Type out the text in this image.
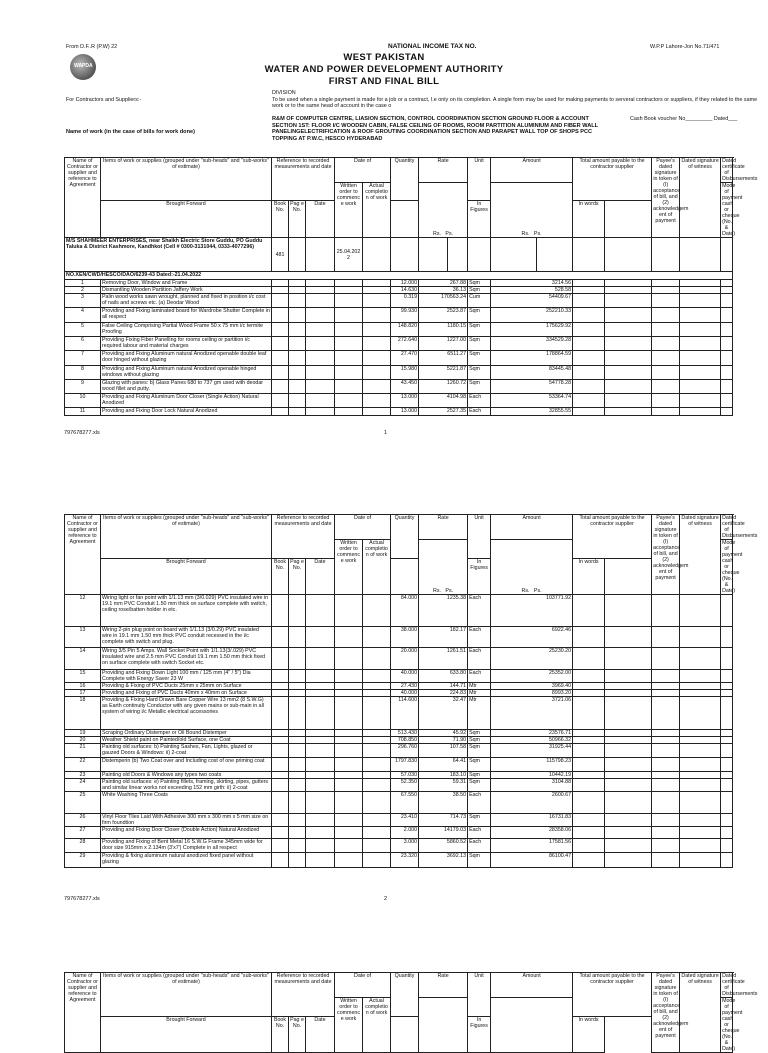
From D.F..R (P.W) 22	NATIONAL INCOME TAX NO.	W.P.P Lahore-Jon No.71/471
WAPDA
WEST PAKISTAN
WATER AND POWER DEVELOPMENT AUTHORITY
FIRST AND FINAL BILL
DIVISION
For Contractors and Suppliers:-	To be used when a single payment is made for a job or a contract, I.e only on its completion. A single form may be used for making payments to serveral contractors or suppliers, if they related to the same work or to the same head of account in the case o
Name of work (in the case of bills for work done)
R&M OF COMPUTER CENTRE, LIASION SECTION, CONTROL COORDINATION SECTION GROUND FLOOR & ACCOUNT SECTION 1ST: FLOOR I/C WOODEN CABIN, FALSE CEILING OF ROOMS, ROOM PARTITION ALUMINIUM AND FIBER WALL PANELINGELECTRIFICATION & ROOF GROUTING COORDINATION SECTION AND PARAPET WALL TOP OF SHOPS PCC TOPPING AT P.W.C, HESCO HYDERABAD
Cash Book voucher No_________ Dated___
Name of Contractor or supplier and reference to Agreement	Items of work or supplies (grouped under "sub-heads" and "sub-works" of estimate)	Reference to recorded measurements and date			Date of		Quantity	Rate		Unit	Amount		Total amount payable to the contractor supplier		Payee's dated signature in token of (I) acceptance of bill, and (2) acknowledgem ent of payment	Dated signature of witness	Dated certificate of Disbursements	
					Written order to commenc e work	Actual completio n of work		Rs. Ps.			Rs. Ps.						Mode of payment cash or cheque (No. & Date)	
	Brought Forward	Book No.	Pag e No.	Date						In Figures			In words					
M/S SHAHMEER ENTERPRISES, near Shaikh Electric Store Guddu, PO Guddu Taluka & District Kashmore, Kandhkot (Cell # 0300-3131044, 0333-4077296)		481			25.04.202 2													
NO.XEN/CWD/HESCO/DAO/6239-43 Dated:-21.04.2022																		
1	Removing Door, Window and Frame						12.000	267.88		Sqm	3214.56							
2	Dismantling Wooden Partition Jaffery Work						14.630	36.13		Sqm	528.58							
3	Palin wood works sawn wrought, planned and fixed in position i/c cost of nails and screws etc. (a) Deodar Wood						0.319	170563.24		Cum	54409.67							
4	Providing and Fixing laminated board for Wardrobe Shutter Complete in all respect						99.930	2523.87		Sqm	252210.33							
5	False Ceiling Comprising Partial Wood Frame 50 x 75 mm i/c termite Proofing						148.820	1180.15		Sqm	175629.92							
6	Providing Fixing Fiber Panelling for rooms ceiling or partition i/c required labour and material charges						272.640	1227.00		Sqm	334529.28							
7	Providing and Fixing Aluminum natural Anodized openable double leaf door hinged without glazing						27.470	6511.27		Sqm	178864.59							
8	Providing and Fixing Aluminum natural Anodized openable hinged windows without glazing						15.980	5221.87		Sqm	83445.48							
9	Glazing with panes: b) Glass Panes 680 to 737 gm used with deodar wood fillet and putty.						43.450	1260.72		Sqm	54778.28							
10	Providing and Fixing Aluminum Door Closer (Single Action) Natural Anodized						13.000	4104.98		Each	53364.74							
11	Providing and Fixing Door Lock Natural Anodized						13.000	2527.35		Each	32855.55							
797678277.xls	1
Name of Contractor or supplier and reference to Agreement	Items of work or supplies (grouped under "sub-heads" and "sub-works" of estimate)	Reference to recorded measurements and date			Date of		Quantity	Rate	Unit	Amount	Total amount payable to the contractor supplier		Payee's dated signature in token of (I) acceptance of bill, and (2) acknowledgem ent of payment	Dated signature of witness	Dated certificate of Disbursements	
					Written order to commenc e work	Actual completio n of work		Rs. Ps.		Rs. Ps.					Mode of payment cash or cheque (No. & Date)	
	Brought Forward	Book No.	Pag e No.	Date					In Figures		In words					
12	Wiring light or fan point with 1/1.13 mm (3/0.029) PVC insulated wire in 19.1 mm PVC Conduit 1.50 mm thick on surface complete with switch, ceiling rose/batten holder in etc.						84.000	1235.38	Each	103771.92						
13	Wiring 2-pin plug point on board with 1/1.13 (3/0.29) PVC insulated wire in 19.1 mm 1.50 mm thick PVC conduit recessed in the i/c complete with switch and plug.						38.000	182.17	Each	6922.46						
14	Wiring 3/5 Pin 5 Amps. Wall Socket Point with 1/1.13(3/.029) PVC insulated wire and 2.5 mm PVC Conduit 19.1 mm 1.50 mm thick fixed on surface complete with switch Socket etc.						20.000	1261.51	Each	25230.20						
15	Providing and Fixing Down Light 100 mm / 125 mm (4" / 5") Dia Complete with Energy Saver 23 W						40.000	633.80	Each	25352.00						
16	Providing & Fixing of PVC Ducts 25mm x 25mm on Surface						27.430	144.71	Mtr	3969.40						
17	Providing and Fixing of PVC Ducts 40mm x 40mm on Surface						40.000	224.83	Mtr	8993.20						
18	Providing & Fixing Hard Drawn Bare Copper Wire 13 mm2 (8 S.W.G) as Earth continuity Conductor with any given mains or sub-main in all system of wiring i/c Metallic electrical accessories						114.600	32.47	Mtr	3721.06						
19	Scraping Ordinary Distemper or Oil Bound Distemper						513.430	45.92	Sqm	23576.71						
20	Weather Shield paint on Painted/old Surface, one Coat						708.850	71.90	Sqm	50966.32						
21	Painting old surfaces: b) Painting Sashes, Fan, Lights, glazed or gauzed Doors & Windows: ii) 2-coat						296.760	107.58	Sqm	31925.44						
22	Distemperin (b) Two Coat over and Including cost of one priming coat						1797.830	64.41	Sqm	115798.23						
23	Painting old Doors & Windows any types two coats						57.030	183.10	Sqm	10442.19						
24	Painting old surfaces: e) Painting fillets, framing, skirting, pipes, gutters and similar linear works not exceeding 152 mm girth: ii) 2-coat						52.350	59.31	Sqm	3104.88						
25	White Washing Three Coats						67.550	38.50	Each	2600.67						
26	Vinyl Floor Tiles Laid With Adhesive 300 mm x 300 mm x 5 mm size on firm foundtion						23.410	714.73	Sqm	16731.83						
27	Providing and Fixing Door Closer (Double Action) Natural Anodized						2.000	14179.03	Each	28358.06						
28	Providing and Fixing of Bent Metal 16 S.W.G Frame 345mm wide for door size 915mm x 2.134m (3'x7') Complete in all respect						3.000	5860.52	Each	17581.56						
29	Providing & fixing aluminum natural anodized fixed panel without glazing						23.320	3692.13	Sqm	86100.47						
797678277.xls	2
Name of Contractor or supplier and reference to Agreement	Items of work or supplies (grouped under "sub-heads" and "sub-works" of estimate)	Reference to recorded measurements and date			Date of		Quantity	Rate	Unit	Amount	Total amount payable to the contractor supplier	Payee's dated signature in token of (I) acceptance of bill, and (2) acknowledgem ent of payment	Dated signature of witness	Dated certificate of Disbursements	
					Written order to commenc e work	Actual completio n of work								Mode of payment cash or cheque (No. & Date)	
	Brought Forward	Book No.	Pag e No.	Date					In Figures		In words				
